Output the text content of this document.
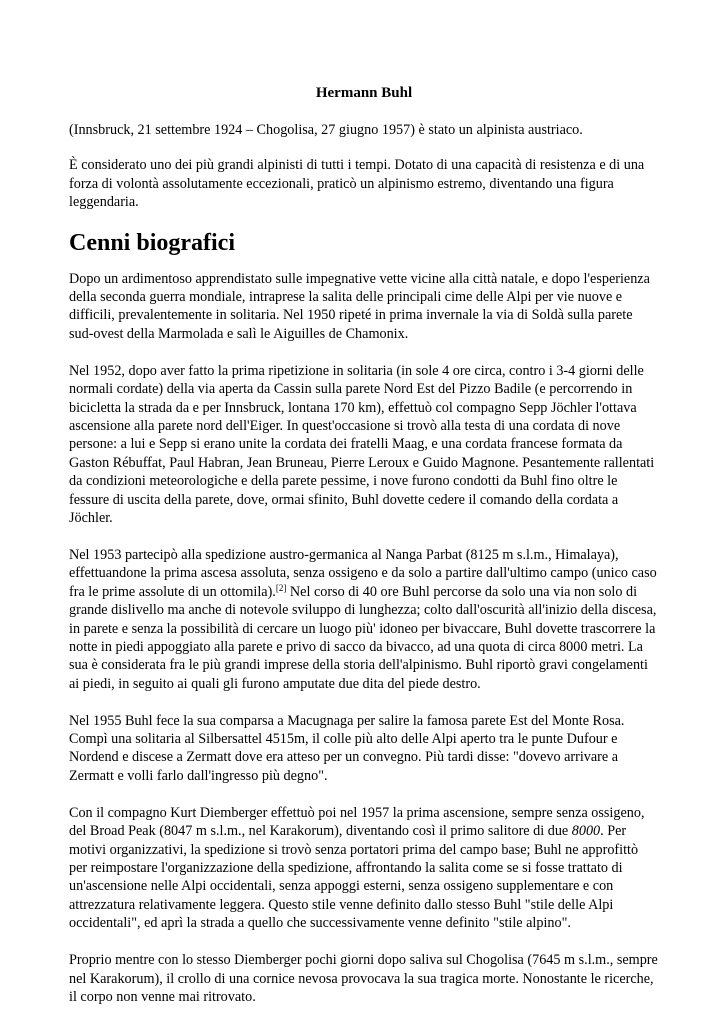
Hermann Buhl

(Innsbruck, 21 settembre 1924 – Chogolisa, 27 giugno 1957) è stato un alpinista austriaco.

È considerato uno dei più grandi alpinisti di tutti i tempi. Dotato di una capacità di resistenza e di una forza di volontà assolutamente eccezionali, praticò un alpinismo estremo, diventando una figura leggendaria.

Cenni biografici

Dopo un ardimentoso apprendistato sulle impegnative vette vicine alla città natale, e dopo l'esperienza della seconda guerra mondiale, intraprese la salita delle principali cime delle Alpi per vie nuove e difficili, prevalentemente in solitaria. Nel 1950 ripeté in prima invernale la via di Soldà sulla parete sud-ovest della Marmolada e salì le Aiguilles de Chamonix.

Nel 1952, dopo aver fatto la prima ripetizione in solitaria (in sole 4 ore circa, contro i 3-4 giorni delle normali cordate) della via aperta da Cassin sulla parete Nord Est del Pizzo Badile (e percorrendo in bicicletta la strada da e per Innsbruck, lontana 170 km), effettuò col compagno Sepp Jöchler l'ottava ascensione alla parete nord dell'Eiger. In quest'occasione si trovò alla testa di una cordata di nove persone: a lui e Sepp si erano unite la cordata dei fratelli Maag, e una cordata francese formata da Gaston Rébuffat, Paul Habran, Jean Bruneau, Pierre Leroux e Guido Magnone. Pesantemente rallentati da condizioni meteorologiche e della parete pessime, i nove furono condotti da Buhl fino oltre le fessure di uscita della parete, dove, ormai sfinito, Buhl dovette cedere il comando della cordata a Jöchler.

Nel 1953 partecipò alla spedizione austro-germanica al Nanga Parbat (8125 m s.l.m., Himalaya), effettuandone la prima ascesa assoluta, senza ossigeno e da solo a partire dall'ultimo campo (unico caso fra le prime assolute di un ottomila).[2] Nel corso di 40 ore Buhl percorse da solo una via non solo di grande dislivello ma anche di notevole sviluppo di lunghezza; colto dall'oscurità all'inizio della discesa, in parete e senza la possibilità di cercare un luogo più' idoneo per bivaccare, Buhl dovette trascorrere la notte in piedi appoggiato alla parete e privo di sacco da bivacco, ad una quota di circa 8000 metri. La sua è considerata fra le più grandi imprese della storia dell'alpinismo. Buhl riportò gravi congelamenti ai piedi, in seguito ai quali gli furono amputate due dita del piede destro.

Nel 1955 Buhl fece la sua comparsa a Macugnaga per salire la famosa parete Est del Monte Rosa. Compì una solitaria al Silbersattel 4515m, il colle più alto delle Alpi aperto tra le punte Dufour e Nordend e discese a Zermatt dove era atteso per un convegno. Più tardi disse: "dovevo arrivare a Zermatt e volli farlo dall'ingresso più degno".

Con il compagno Kurt Diemberger effettuò poi nel 1957 la prima ascensione, sempre senza ossigeno, del Broad Peak (8047 m s.l.m., nel Karakorum), diventando così il primo salitore di due 8000. Per motivi organizzativi, la spedizione si trovò senza portatori prima del campo base; Buhl ne approfittò per reimpostare l'organizzazione della spedizione, affrontando la salita come se si fosse trattato di un'ascensione nelle Alpi occidentali, senza appoggi esterni, senza ossigeno supplementare e con attrezzatura relativamente leggera. Questo stile venne definito dallo stesso Buhl "stile delle Alpi occidentali", ed aprì la strada a quello che successivamente venne definito "stile alpino".

Proprio mentre con lo stesso Diemberger pochi giorni dopo saliva sul Chogolisa (7645 m s.l.m., sempre nel Karakorum), il crollo di una cornice nevosa provocava la sua tragica morte. Nonostante le ricerche, il corpo non venne mai ritrovato.
